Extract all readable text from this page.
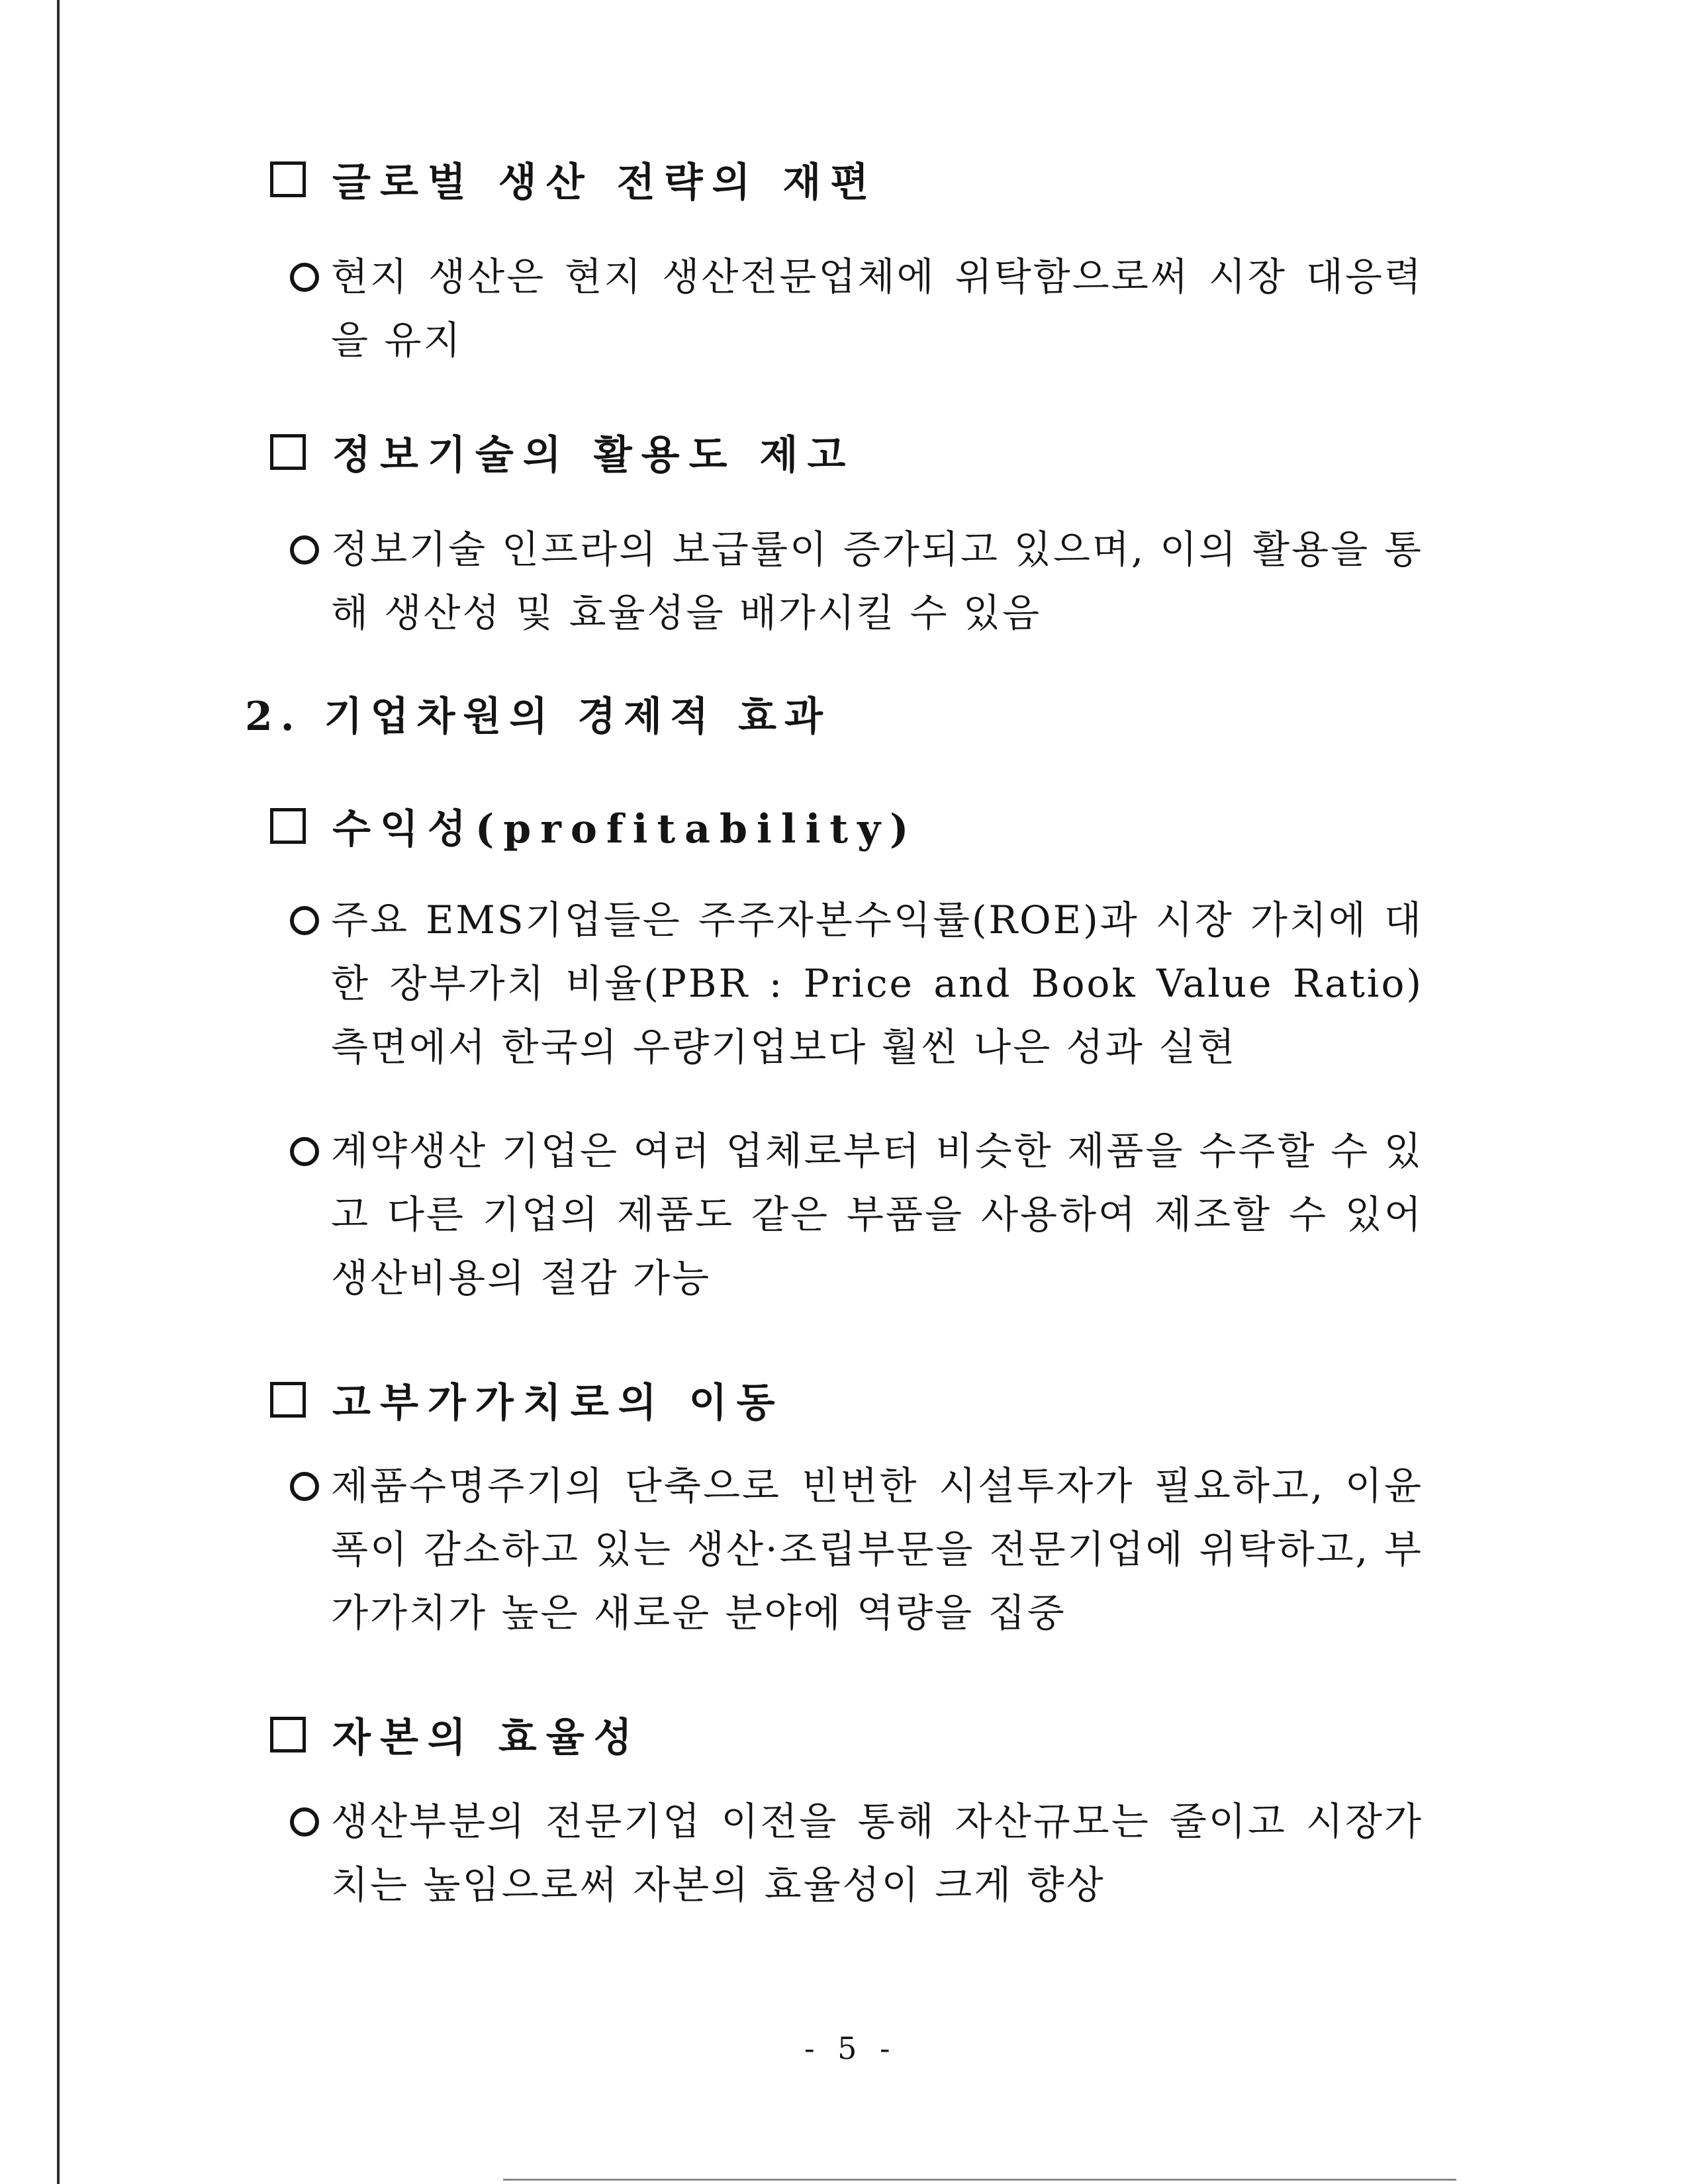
글로벌 생산 전략의 재편
현지 생산은 현지 생산전문업체에 위탁함으로써 시장 대응력을 유지
정보기술의 활용도 제고
정보기술 인프라의 보급률이 증가되고 있으며, 이의 활용을 통해 생산성 및 효율성을 배가시킬 수 있음
2. 기업차원의 경제적 효과
수익성(profitability)
주요 EMS기업들은 주주자본수익률(ROE)과 시장 가치에 대한 장부가치 비율(PBR : Price and Book Value Ratio) 측면에서 한국의 우량기업보다 훨씬 나은 성과 실현
계약생산 기업은 여러 업체로부터 비슷한 제품을 수주할 수 있고 다른 기업의 제품도 같은 부품을 사용하여 제조할 수 있어 생산비용의 절감 가능
고부가가치로의 이동
제품수명주기의 단축으로 빈번한 시설투자가 필요하고, 이윤폭이 감소하고 있는 생산·조립부문을 전문기업에 위탁하고, 부가가치가 높은 새로운 분야에 역량을 집중
자본의 효율성
생산부분의 전문기업 이전을 통해 자산규모는 줄이고 시장가치는 높임으로써 자본의 효율성이 크게 향상
- 5 -
